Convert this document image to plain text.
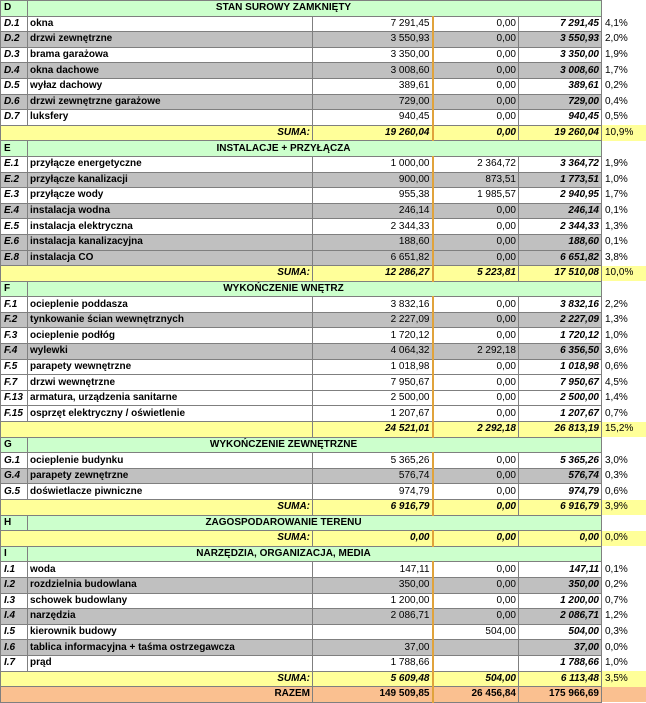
D	STAN SUROWY ZAMKNIĘTY				
D.1	okna	7 291,45	0,00	7 291,45	4,1%
D.2	drzwi zewnętrzne	3 550,93	0,00	3 550,93	2,0%
D.3	brama garażowa	3 350,00	0,00	3 350,00	1,9%
D.4	okna dachowe	3 008,60	0,00	3 008,60	1,7%
D.5	wyłaz dachowy	389,61	0,00	389,61	0,2%
D.6	drzwi zewnętrzne garażowe	729,00	0,00	729,00	0,4%
D.7	luksfery	940,45	0,00	940,45	0,5%
SUMA:		19 260,04	0,00	19 260,04	10,9%
E	INSTALACJE + PRZYŁĄCZA				
E.1	przyłącze energetyczne	1 000,00	2 364,72	3 364,72	1,9%
E.2	przyłącze kanalizacji	900,00	873,51	1 773,51	1,0%
E.3	przyłącze wody	955,38	1 985,57	2 940,95	1,7%
E.4	instalacja wodna	246,14	0,00	246,14	0,1%
E.5	instalacja elektryczna	2 344,33	0,00	2 344,33	1,3%
E.6	instalacja kanalizacyjna	188,60	0,00	188,60	0,1%
E.8	instalacja CO	6 651,82	0,00	6 651,82	3,8%
SUMA:		12 286,27	5 223,81	17 510,08	10,0%
F	WYKOŃCZENIE WNĘTRZ				
F.1	ocieplenie poddasza	3 832,16	0,00	3 832,16	2,2%
F.2	tynkowanie ścian wewnętrznych	2 227,09	0,00	2 227,09	1,3%
F.3	ocieplenie podłóg	1 720,12	0,00	1 720,12	1,0%
F.4	wylewki	4 064,32	2 292,18	6 356,50	3,6%
F.5	parapety wewnętrzne	1 018,98	0,00	1 018,98	0,6%
F.7	drzwi wewnętrzne	7 950,67	0,00	7 950,67	4,5%
F.13	armatura, urządzenia sanitarne	2 500,00	0,00	2 500,00	1,4%
F.15	osprzęt elektryczny / oświetlenie	1 207,67	0,00	1 207,67	0,7%
		24 521,01	2 292,18	26 813,19	15,2%
G	WYKOŃCZENIE ZEWNĘTRZNE				
G.1	ocieplenie budynku	5 365,26	0,00	5 365,26	3,0%
G.4	parapety zewnętrzne	576,74	0,00	576,74	0,3%
G.5	doświetlacze piwniczne	974,79	0,00	974,79	0,6%
SUMA:		6 916,79	0,00	6 916,79	3,9%
H	ZAGOSPODAROWANIE TERENU				
SUMA:		0,00	0,00	0,00	0,0%
I	NARZĘDZIA, ORGANIZACJA, MEDIA				
I.1	woda	147,11	0,00	147,11	0,1%
I.2	rozdzielnia budowlana	350,00	0,00	350,00	0,2%
I.3	schowek budowlany	1 200,00	0,00	1 200,00	0,7%
I.4	narzędzia	2 086,71	0,00	2 086,71	1,2%
I.5	kierownik budowy		504,00	504,00	0,3%
I.6	tablica informacyjna + taśma ostrzegawcza	37,00		37,00	0,0%
I.7	prąd	1 788,66		1 788,66	1,0%
SUMA:		5 609,48	504,00	6 113,48	3,5%
RAZEM		149 509,85	26 456,84	175 966,69	
